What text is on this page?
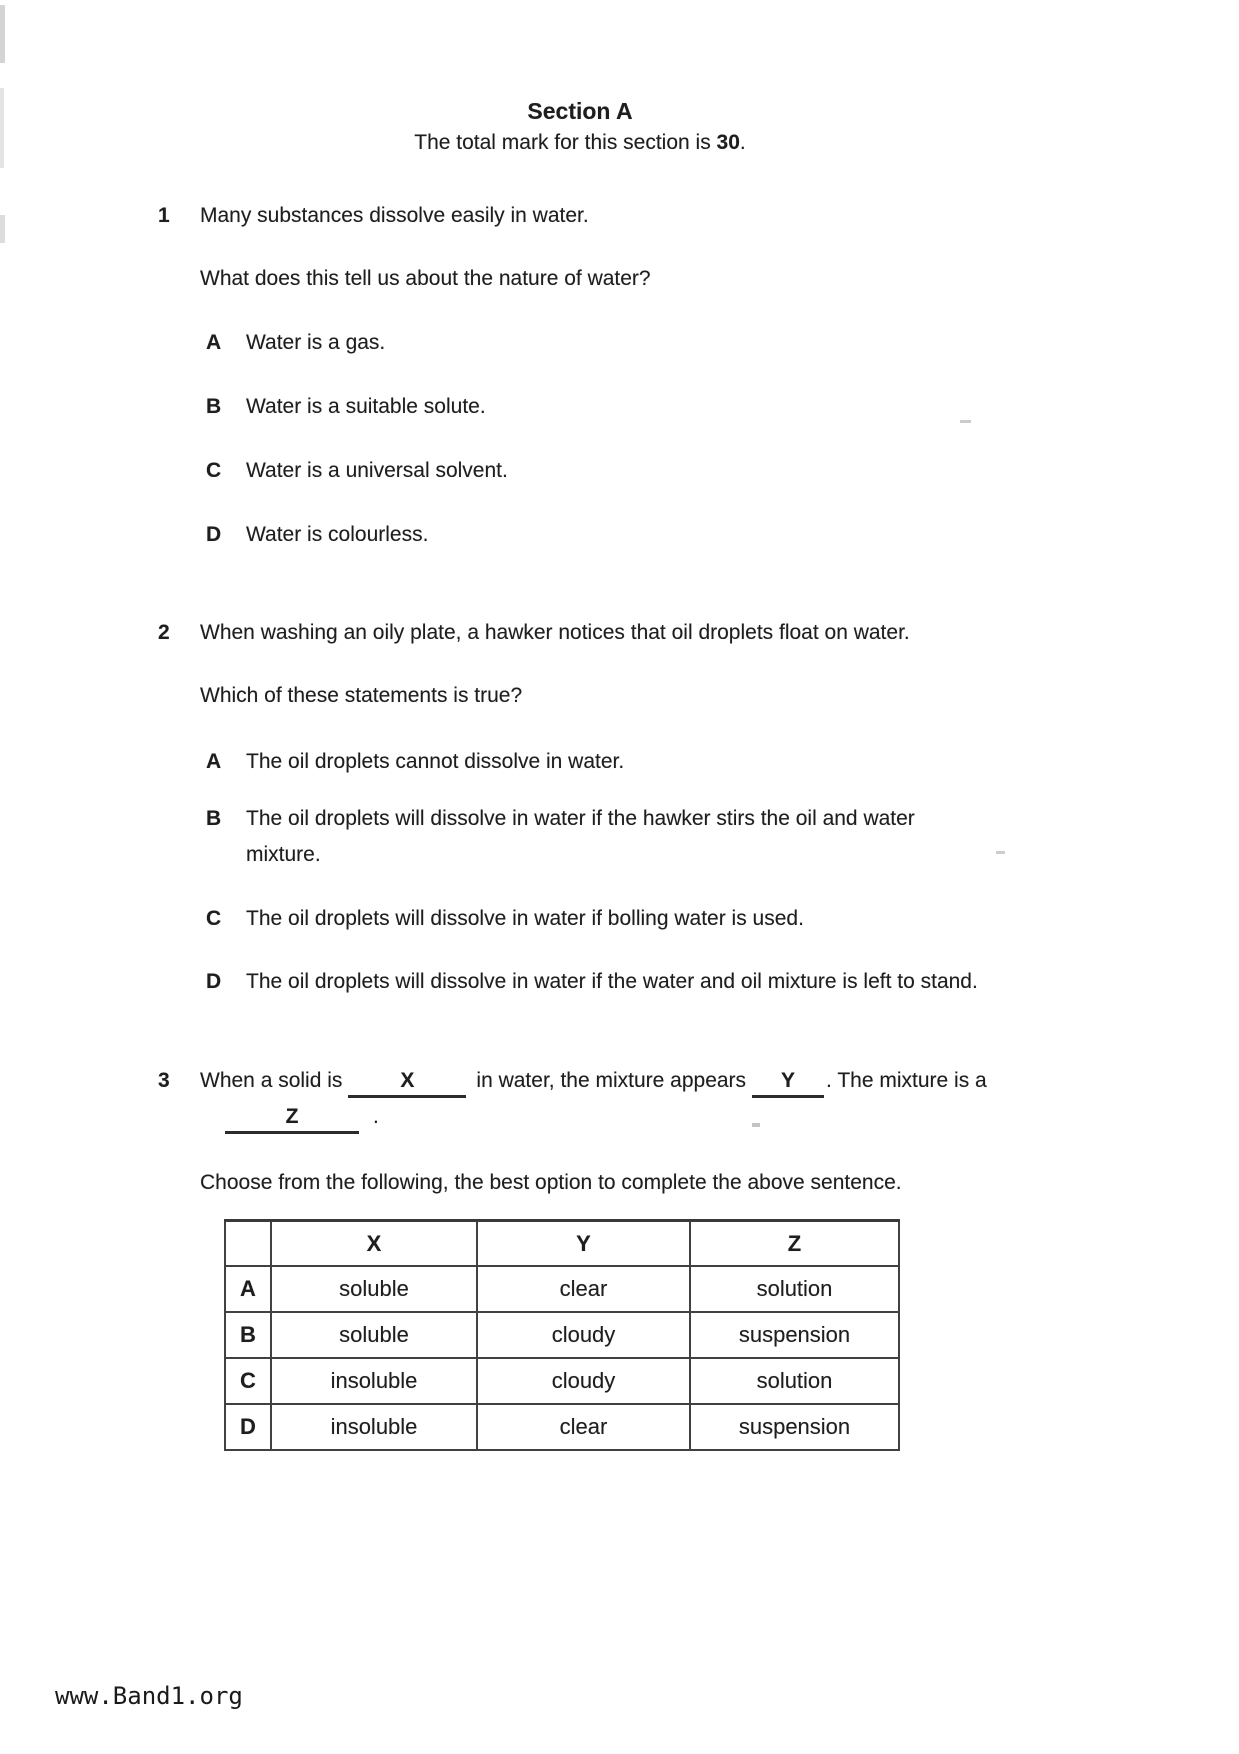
Section A
The total mark for this section is 30.
1	Many substances dissolve easily in water.

What does this tell us about the nature of water?

A	Water is a gas.
B	Water is a suitable solute.
C	Water is a universal solvent.
D	Water is colourless.
2	When washing an oily plate, a hawker notices that oil droplets float on water.

Which of these statements is true?

A	The oil droplets cannot dissolve in water.
B	The oil droplets will dissolve in water if the hawker stirs the oil and water
mixture.
C	The oil droplets will dissolve in water if bolling water is used.
D	The oil droplets will dissolve in water if the water and oil mixture is left to stand.
3	When a solid is	X	in water, the mixture appears Y . The mixture is a
Z	.

Choose from the following, the best option to complete the above sentence.

	X	Y	Z
A	soluble	clear	solution
B	soluble	cloudy	suspension
C	insoluble	cloudy	solution
D	insoluble	clear	suspension
www.Band1.org
